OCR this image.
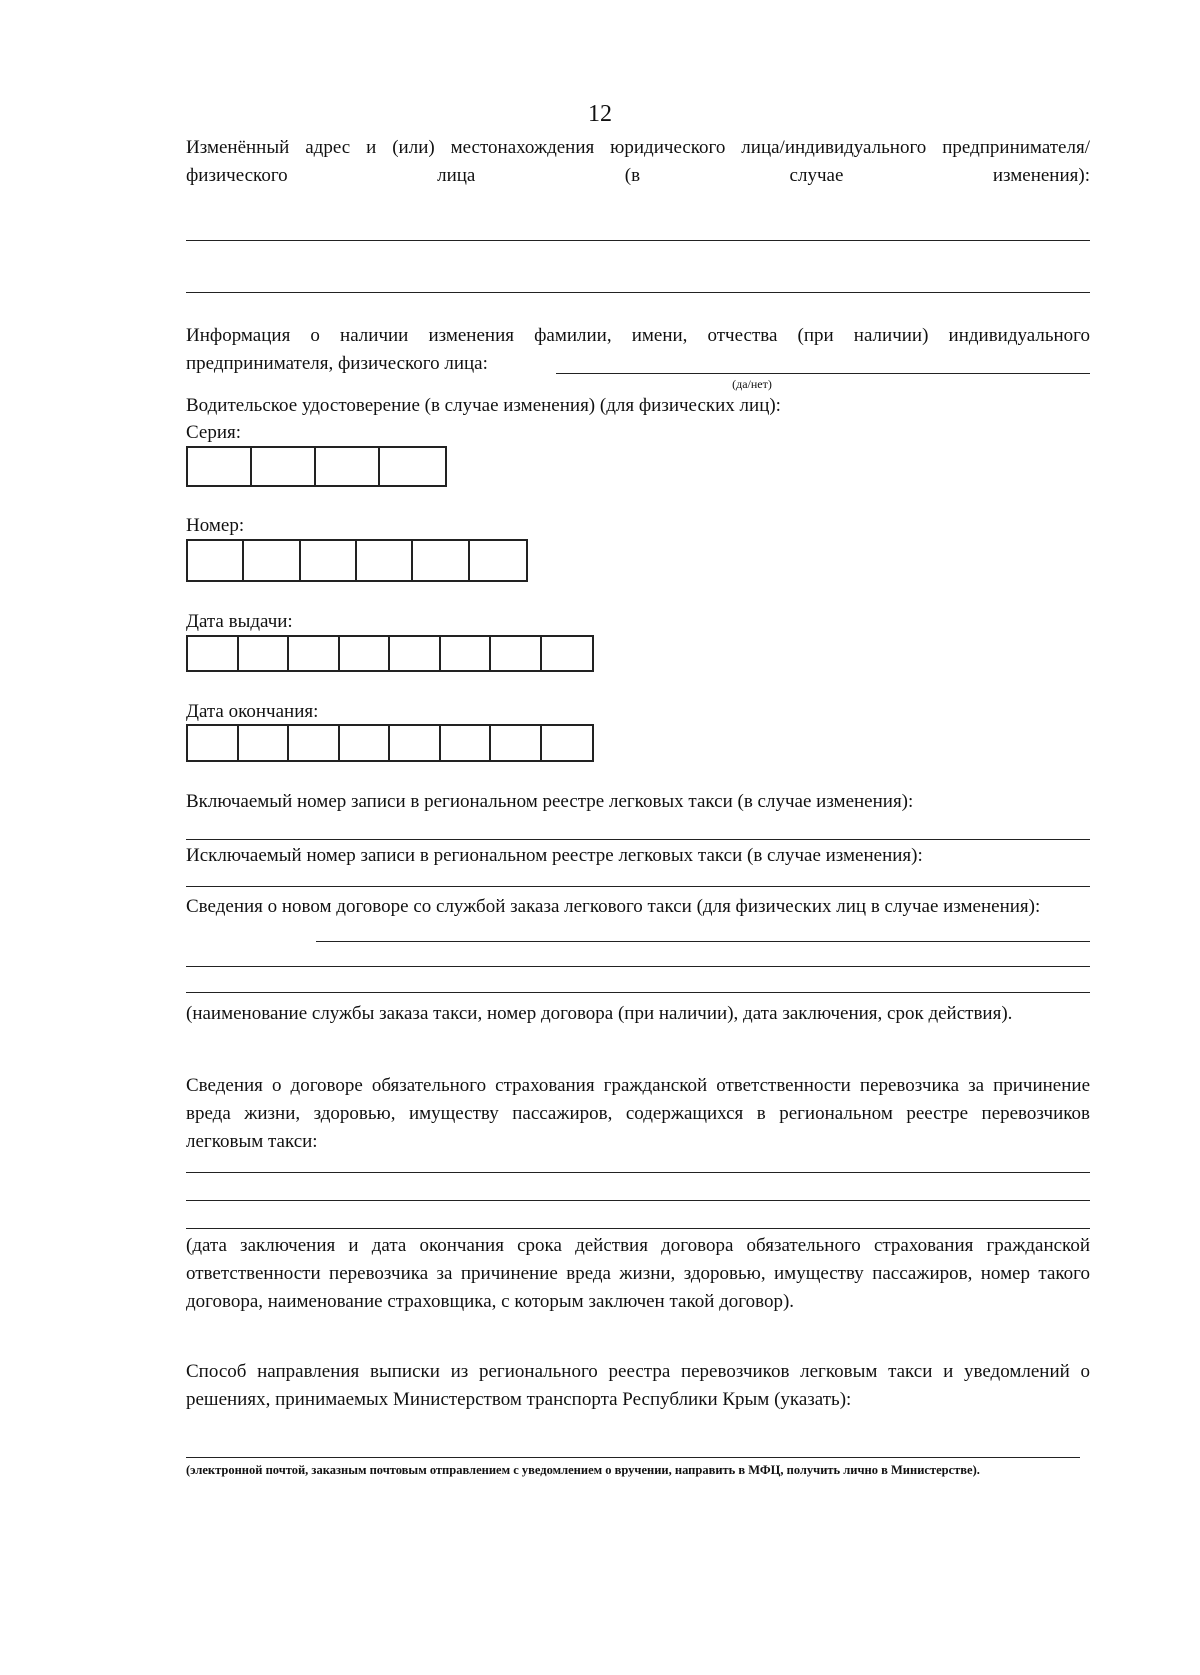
12
Изменённый адрес и (или) местонахождения юридического лица/индивидуального предпринимателя/физического лица (в случае изменения):
Информация о наличии изменения фамилии, имени, отчества (при наличии) индивидуального предпринимателя, физического лица:
(да/нет)
Водительское удостоверение (в случае изменения) (для физических лиц):
Серия:
Номер:
Дата выдачи:
Дата окончания:
Включаемый номер записи в региональном реестре легковых такси (в случае изменения):
Исключаемый номер записи в региональном реестре легковых такси (в случае изменения):
Сведения о новом договоре со службой заказа легкового такси (для физических лиц в случае изменения):
(наименование службы заказа такси, номер договора (при наличии), дата заключения, срок действия).
Сведения о договоре обязательного страхования гражданской ответственности перевозчика за причинение вреда жизни, здоровью, имуществу пассажиров, содержащихся в региональном реестре перевозчиков легковым такси:
(дата заключения и дата окончания срока действия договора обязательного страхования гражданской ответственности перевозчика за причинение вреда жизни, здоровью, имуществу пассажиров, номер такого договора, наименование страховщика, с которым заключен такой договор).
Способ направления выписки из регионального реестра перевозчиков легковым такси и уведомлений о решениях, принимаемых Министерством транспорта Республики Крым (указать):
(электронной почтой, заказным почтовым отправлением с уведомлением о вручении, направить в МФЦ, получить лично в Министерстве).
